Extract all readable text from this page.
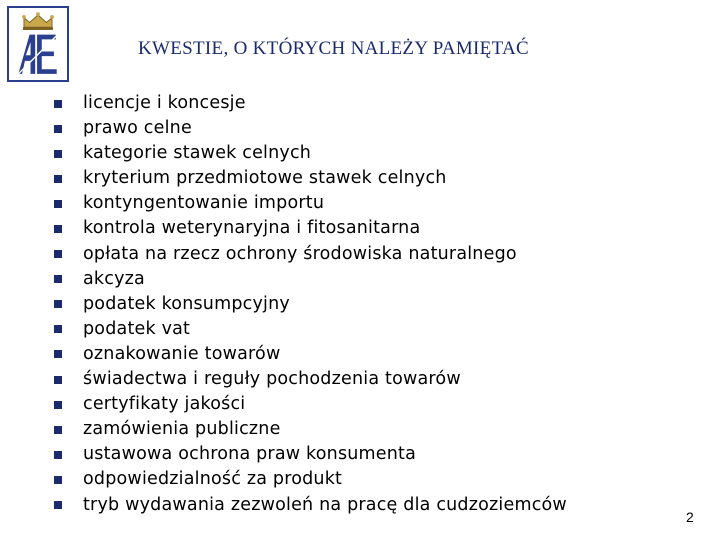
KWESTIE, O KTÓRYCH NALEŻY PAMIĘTAĆ
licencje i koncesje
prawo celne
kategorie stawek celnych
kryterium przedmiotowe stawek celnych
kontyngentowanie importu
kontrola weterynaryjna i fitosanitarna
opłata na rzecz ochrony środowiska naturalnego
akcyza
podatek konsumpcyjny
podatek vat
oznakowanie towarów
świadectwa i reguły pochodzenia towarów
certyfikaty jakości
zamówienia publiczne
ustawowa ochrona praw konsumenta
odpowiedzialność za produkt
tryb wydawania zezwoleń na pracę dla cudzoziemców
2
